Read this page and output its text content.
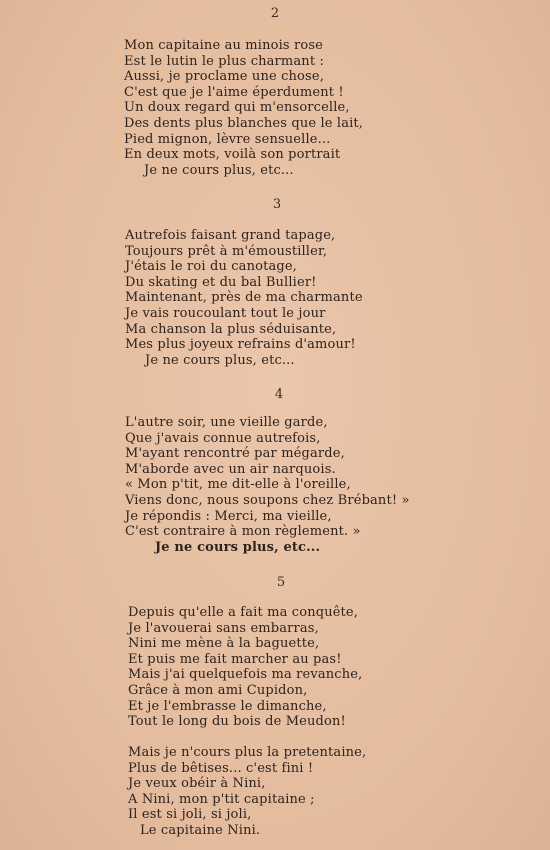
2
Mon capitaine au minois rose
Est le lutin le plus charmant :
Aussi, je proclame une chose,
C'est que je l'aime éperdument !
Un doux regard qui m'ensorcelle,
Des dents plus blanches que le lait,
Pied mignon, lèvre sensuelle...
En deux mots, voilà son portrait
Je ne cours plus, etc...
3
Autrefois faisant grand tapage,
Toujours prêt à m'émoustiller,
J'étais le roi du canotage,
Du skating et du bal Bullier!
Maintenant, près de ma charmante
Je vais roucoulant tout le jour
Ma chanson la plus séduisante,
Mes plus joyeux refrains d'amour!
Je ne cours plus, etc...
4
L'autre soir, une vieille garde,
Que j'avais connue autrefois,
M'ayant rencontré par mégarde,
M'aborde avec un air narquois.
« Mon p'tit, me dit-elle à l'oreille,
Viens donc, nous soupons chez Brébant! »
Je répondis : Merci, ma vieille,
C'est contraire à mon règlement. »
Je ne cours plus, etc...
5
Depuis qu'elle a fait ma conquête,
Je l'avouerai sans embarras,
Nini me mène à la baguette,
Et puis me fait marcher au pas!
Mais j'ai quelquefois ma revanche,
Grâce à mon ami Cupidon,
Et je l'embrasse le dimanche,
Tout le long du bois de Meudon!
Mais je n'cours plus la pretentaine,
Plus de bêtises... c'est fini !
Je veux obéir à Nini,
A Nini, mon p'tit capitaine ;
Il est si joli, si joli,
Le capitaine Nini.
